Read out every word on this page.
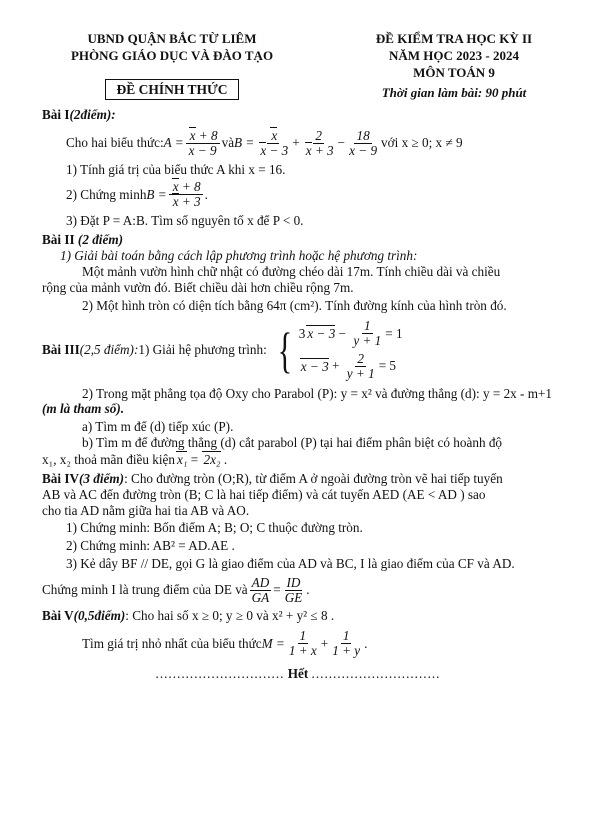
UBND QUẬN BẮC TỪ LIÊM
PHÒNG GIÁO DỤC VÀ ĐÀO TẠO
ĐỀ CHÍNH THỨC
ĐỀ KIỂM TRA HỌC KỲ II
NĂM HỌC 2023 - 2024
MÔN TOÁN 9
Thời gian làm bài: 90 phút
Bài I(2điểm):
Cho hai biểu thức: $A = \frac{x + 8}{x - 9}$ và $B = \frac{x}{x - 3} + \frac{2}{x + 3} - \frac{18}{x - 9}$ với x ≥ 0; x ≠ 9
1) Tính giá trị của biểu thức A khi x = 16.
2) Chứng minh $B = \frac{x + 8}{x + 3}$ .
3) Đặt P = A:B. Tìm số nguyên tố x để P < 0.
Bài II (2 điểm)
1) Giải bài toán bằng cách lập phương trình hoặc hệ phương trình:
Một mảnh vườn hình chữ nhật có đường chéo dài 17m. Tính chiều dài và chiều
rộng của mảnh vườn đó. Biết chiều dài hơn chiều rộng 7m.
2) Một hình tròn có diện tích bằng 64π (cm²). Tính đường kính của hình tròn đó.
Bài III (2,5 điểm): 1) Giải hệ phương trình: { 3 $x - 3 - \frac{1}{y + 1} = 1$
$x - 3 + \frac{2}{y + 1} = 5$
2) Trong mặt phẳng tọa độ Oxy cho Parabol (P): y = x² và đường thẳng (d): y = 2x - m+1
(m là tham số).
a) Tìm m để (d) tiếp xúc (P).
b) Tìm m để đường thẳng (d) cắt parabol (P) tại hai điểm phân biệt có hoành độ
x₁, x₂ thoả mãn điều kiện x₁ = 2x₂ .
Bài IV(3 điểm): Cho đường tròn (O;R), từ điểm A ở ngoài đường tròn vẽ hai tiếp tuyến
AB và AC đến đường tròn (B; C là hai tiếp điểm) và cát tuyến AED (AE < AD ) sao
cho tia AD nằm giữa hai tia AB và AO.
1) Chứng minh: Bốn điểm A; B; O; C thuộc đường tròn.
2) Chứng minh: AB² = AD.AE .
3) Kẻ dây BF // DE, gọi G là giao điểm của AD và BC, I là giao điểm của CF và AD.
Chứng minh I là trung điểm của DE và $\frac{AD}{GA} = \frac{ID}{GE}$ .
Bài V(0,5điểm): Cho hai số x ≥ 0; y ≥ 0 và x² + y² ≤ 8 .
Tìm giá trị nhỏ nhất của biểu thức $M = \frac{1}{1 + x} + \frac{1}{1 + y}$ .
.............................. Hết ..............................
